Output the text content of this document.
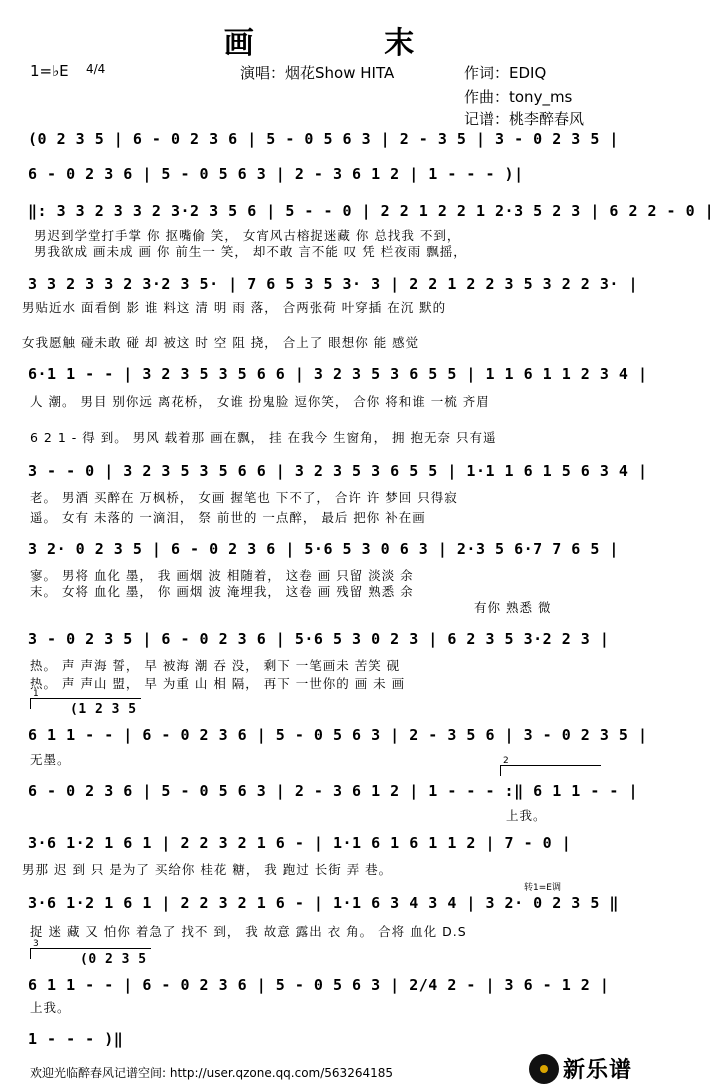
画 末
1=♭E 4/4	演唱：烟花Show HITA	作词：EDIQ
作曲：tony_ms
记谱：桃李醉春风
(0 2 3 5 | 6 - 0 2 3 6 | 5 - 0 5 6 3 | 2 - 3 5 | 3 - 0 2 3 5 |
6 - 0 2 3 6 | 5 - 0 5 6 3 | 2 - 3 6 1 2 | 1 - - - )|
‖: 3 3 2 3 3 2 3·2 3 5 6 | 5 - - 0 | 2 2 1 2 2 1 2·3 5 2 3 | 6 2 2 - 0 |
男迟到学堂打手掌 你 抠嘴偷 笑， 女宵风古榕捉迷藏 你 总找我 不到，
男我欲成 画未成 画 你 前生一 笑， 却不敢 言不能 叹 凭 栏夜雨 飘摇，
3 3 2 3 3 2 3·2 3 5· | 7 6 5 3 5 3· 3 | 2 2 1 2 2 3 5 3 2 2 3· |
男贴近水 面看倒 影 谁 料这 清 明 雨 落， 合两张荷 叶穿插 在沉 默的
女我愿触 碰未敢 碰 却 被这 时 空 阻 挠， 合上了 眼想你 能 感觉
6·1 1 - - | 3 2 3 5 3 5 6 6 | 3 2 3 5 3 6 5 5 | 1 1 6 1 1 2 3 4 |
人 潮。 男目 别你远 离花桥， 女谁 扮鬼脸 逗你笑， 合你 将和谁 一梳 齐眉
6 2 1 - 得 到。 男风 载着那 画在飘， 挂 在我今 生窗角， 拥 抱无奈 只有遥
3 - - 0 | 3 2 3 5 3 5 6 6 | 3 2 3 5 3 6 5 5 | 1·1 1 6 1 5 6 3 4 |
老。 男酒 买醉在 万枫桥， 女画 握笔也 下不了， 合许 许 梦回 只得寂
遥。 女有 未落的 一滴泪， 祭 前世的 一点醉， 最后 把你 补在画
3 2· 0 2 3 5 | 6 - 0 2 3 6 | 5·6 5 3 0 6 3 | 2·3 5 6·7 7 6 5 |
寥。 男将 血化 墨， 我 画烟 波 相随着， 这卷 画 只留 淡淡 余
末。 女将 血化 墨， 你 画烟 波 淹埋我， 这卷 画 残留 熟悉 余
有你 熟悉 微
3 - 0 2 3 5 | 6 - 0 2 3 6 | 5·6 5 3 0 2 3 | 6 2 3 5 3·2 2 3 |
热。 声 声海 誓， 早 被海 潮 吞 没， 剩下 一笔画未 苦笑 砚
热。 声 声山 盟， 早 为重 山 相 隔， 再下 一世你的 画 未 画
1
(1 2 3 5
6 1 1 - - | 6 - 0 2 3 6 | 5 - 0 5 6 3 | 2 - 3 5 6 | 3 - 0 2 3 5 |
无墨。	2
6 - 0 2 3 6 | 5 - 0 5 6 3 | 2 - 3 6 1 2 | 1 - - - :‖ 6 1 1 - - |
上我。
3·6 1·2 1 6 1 | 2 2 3 2 1 6 - | 1·1 6 1 6 1 1 2 | 7 - 0 |
男那 迟 到 只 是为了 买给你 桂花 糖， 我 跑过 长街 弄 巷。
转1=E调
3·6 1·2 1 6 1 | 2 2 3 2 1 6 - | 1·1 6 3 4 3 4 | 3 2· 0 2 3 5 ‖
捉 迷 藏 又 怕你 着急了 找不 到， 我 故意 露出 衣 角。 合将 血化 D.S
3
(0 2 3 5
6 1 1 - - | 6 - 0 2 3 6 | 5 - 0 5 6 3 | 2/4 2 - | 3 6 - 1 2 |
上我。
1 - - - )‖
欢迎光临醉春风记谱空间: http://user.qzone.qq.com/563264185	新乐谱
